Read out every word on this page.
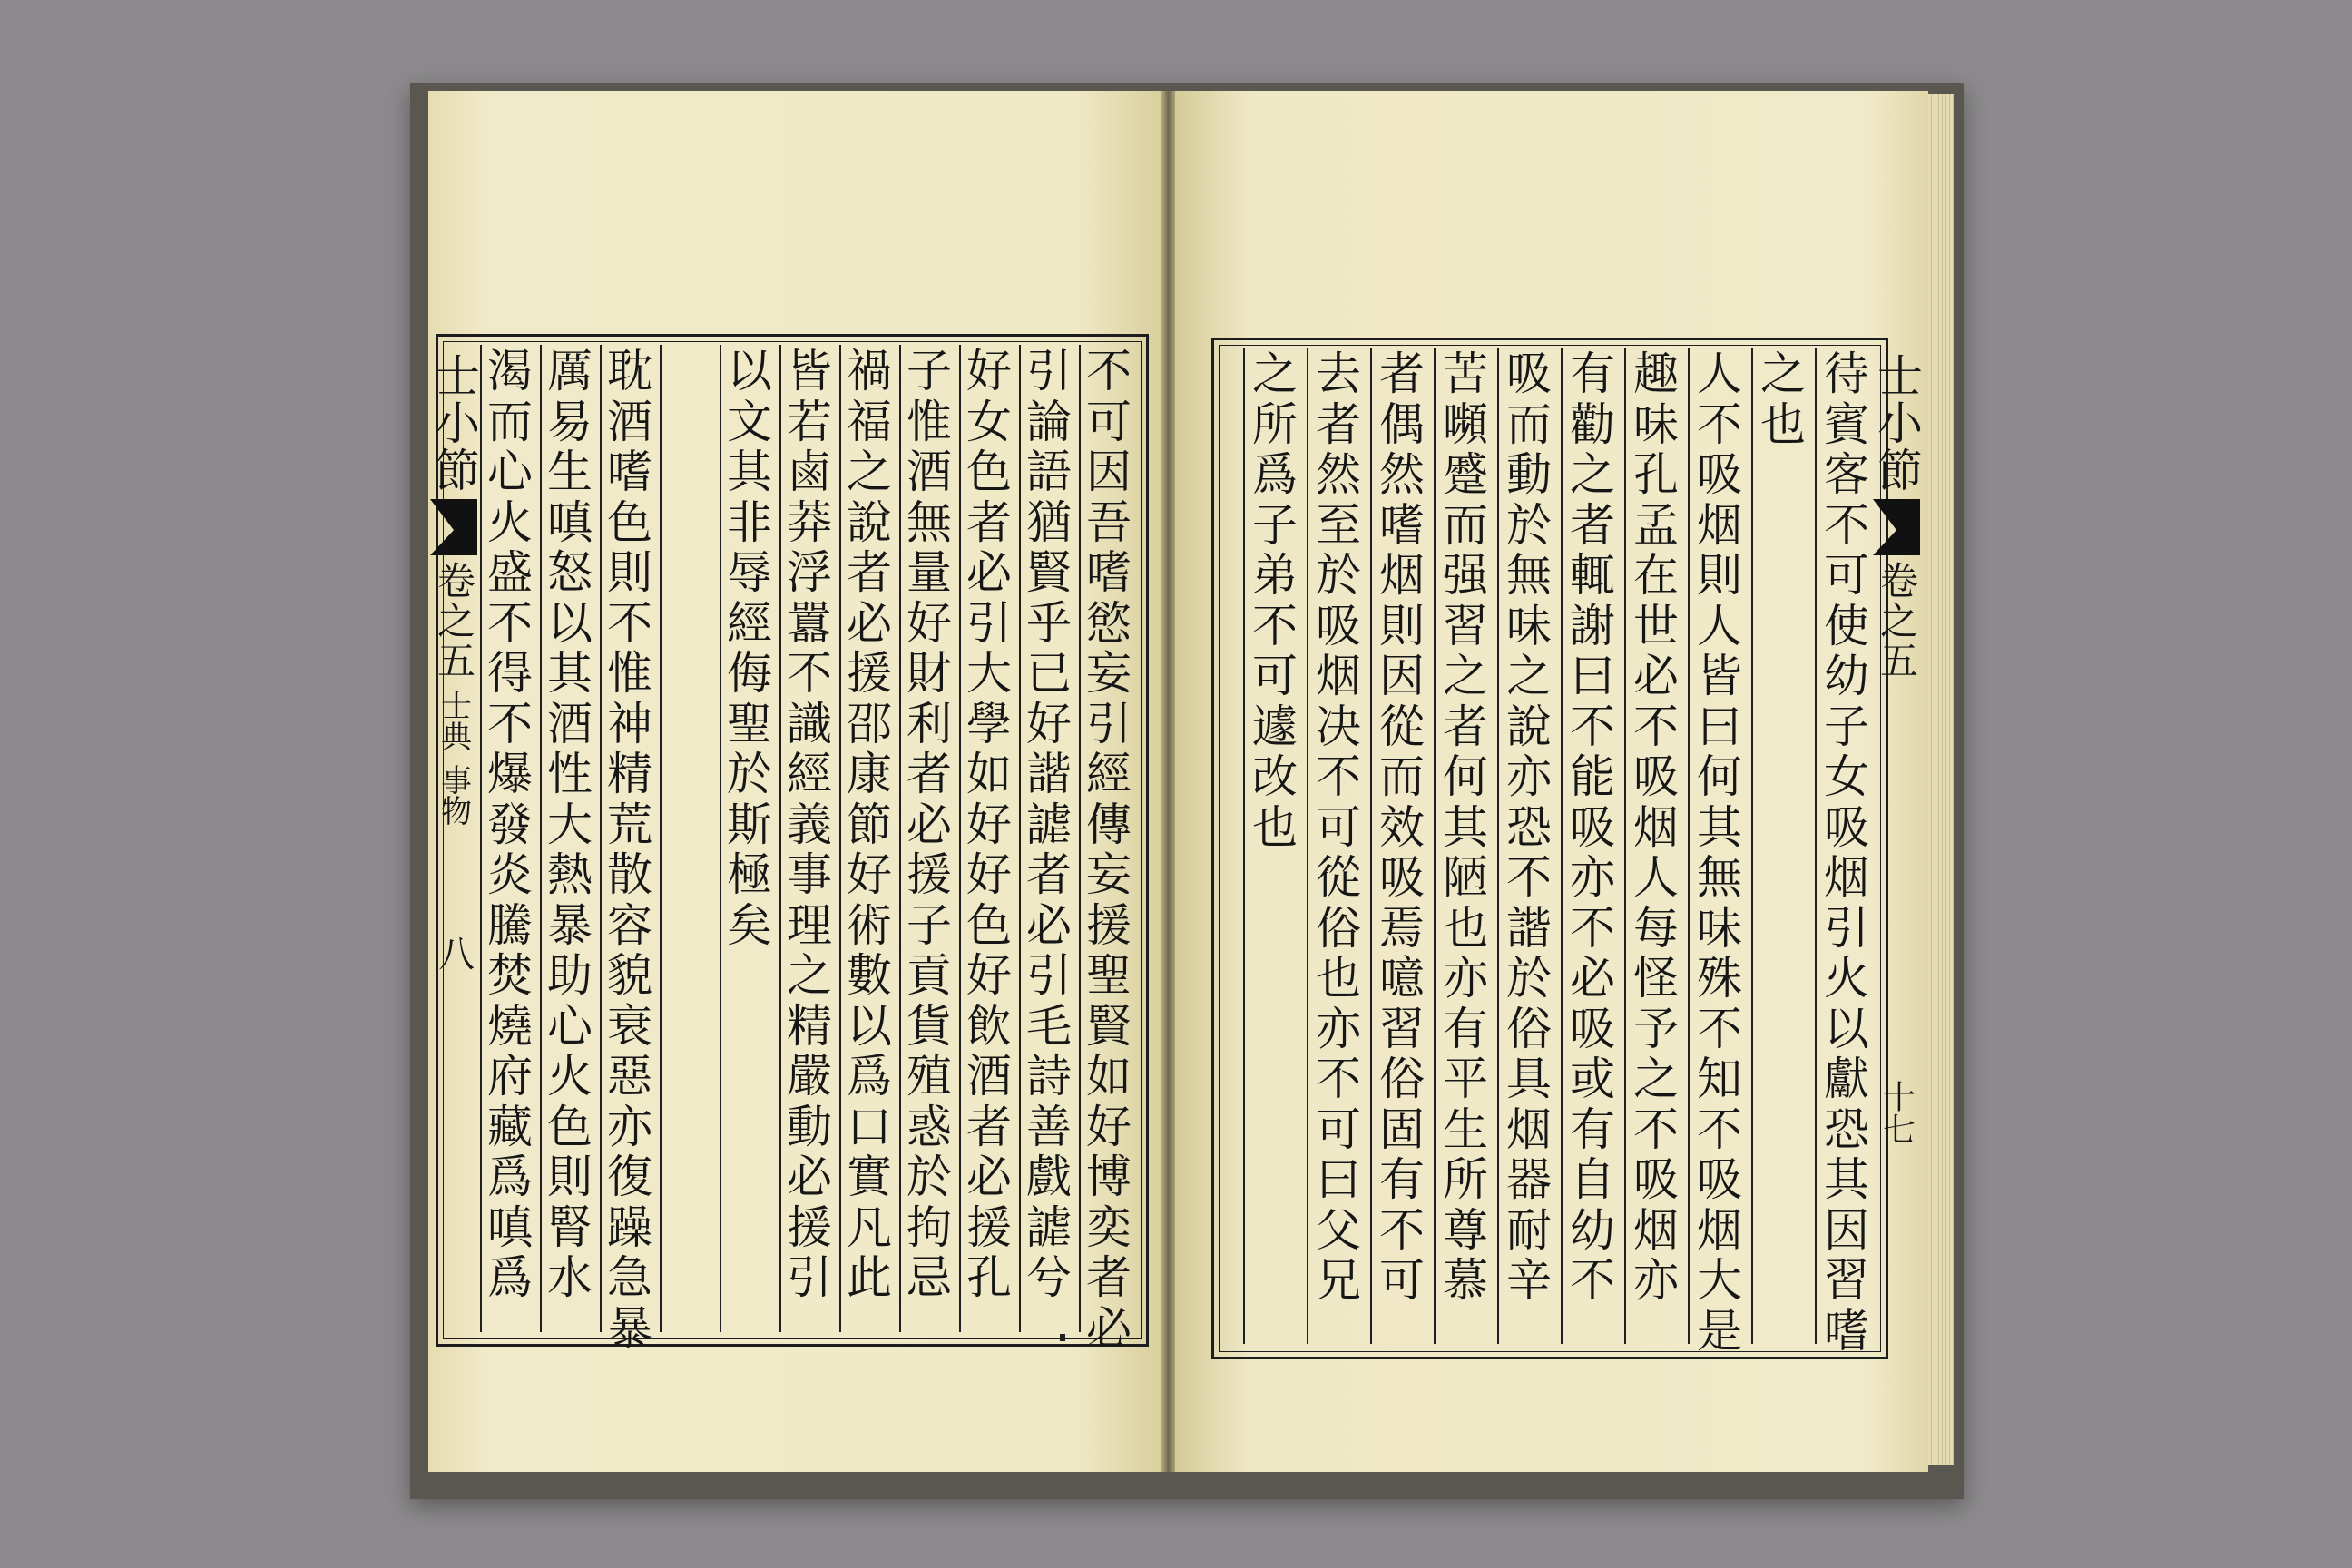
待
賓
客
不
可
使
幼
子
女
吸
烟
引
火
以
獻
恐
其
因
習
嗜
之
也
人
不
吸
烟
則
人
皆
曰
何
其
無
味
殊
不
知
不
吸
烟
大
是
趣
味
孔
孟
在
世
必
不
吸
烟
人
每
怪
予
之
不
吸
烟
亦
有
勸
之
者
輒
謝
曰
不
能
吸
亦
不
必
吸
或
有
自
幼
不
吸
而
動
於
無
味
之
說
亦
恐
不
諧
於
俗
具
烟
器
耐
辛
苦
嚬
蹙
而
强
習
之
者
何
其
陋
也
亦
有
平
生
所
尊
慕
者
偶
然
嗜
烟
則
因
從
而
效
吸
焉
噫
習
俗
固
有
不
可
去
者
然
至
於
吸
烟
决
不
可
從
俗
也
亦
不
可
曰
父
兄
之
所
爲
子
弟
不
可
遽
改
也
士小節
卷之五
十七
不
可
因
吾
嗜
慾
妄
引
經
傳
妄
援
聖
賢
如
好
博
奕
者
必
引
論
語
猶
賢
乎
已
好
諧
謔
者
必
引
毛
詩
善
戲
謔
兮
好
女
色
者
必
引
大
學
如
好
好
色
好
飲
酒
者
必
援
孔
子
惟
酒
無
量
好
財
利
者
必
援
子
貢
貨
殖
惑
於
拘
忌
禍
福
之
說
者
必
援
邵
康
節
好
術
數
以
爲
口
實
凡
此
皆
若
鹵
莽
浮
囂
不
識
經
義
事
理
之
精
嚴
動
必
援
引
以
文
其
非
辱
經
侮
聖
於
斯
極
矣
耽
酒
嗜
色
則
不
惟
神
精
荒
散
容
貌
衰
惡
亦
復
躁
急
暴
厲
易
生
嗔
怒
以
其
酒
性
大
熱
暴
助
心
火
色
則
腎
水
渴
而
心
火
盛
不
得
不
爆
發
炎
騰
焚
燒
府
藏
爲
嗔
爲
士小節
卷之五
士典
事物
八
